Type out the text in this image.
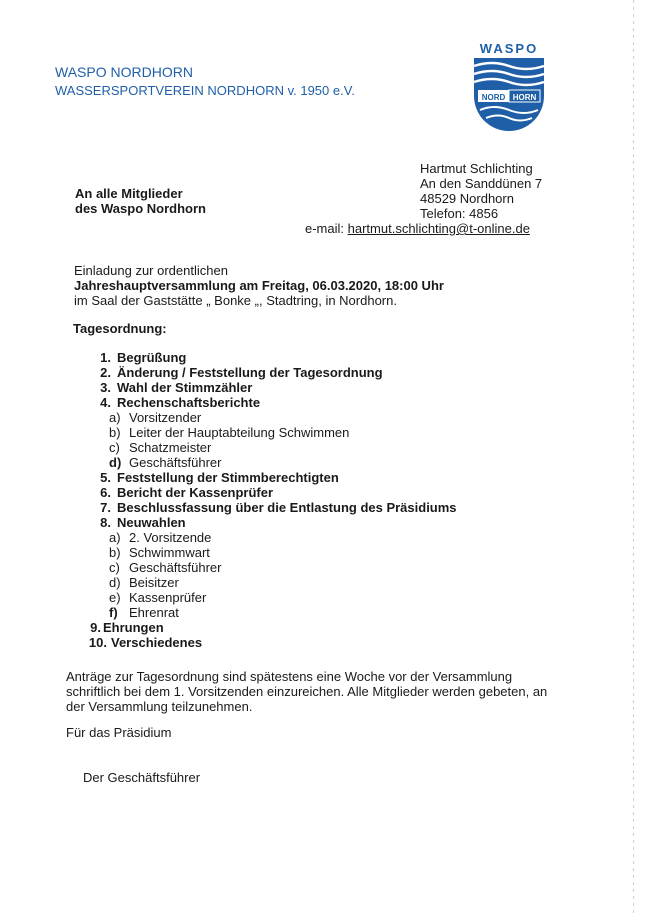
WASPO NORDHORN
WASSERSPORTVEREIN NORDHORN v. 1950 e.V.
WASPO
NORD HORN
Hartmut Schlichting
An den Sanddünen 7
48529 Nordhorn
Telefon: 4856
e-mail: hartmut.schlichting@t-online.de
An alle Mitglieder
des Waspo Nordhorn
Einladung zur ordentlichen
Jahreshauptversammlung am Freitag, 06.03.2020, 18:00 Uhr
im Saal der Gaststätte „ Bonke „, Stadtring, in Nordhorn.
Tagesordnung:
1. Begrüßung
2. Änderung / Feststellung der Tagesordnung
3. Wahl der Stimmzähler
4. Rechenschaftsberichte
a) Vorsitzender
b) Leiter der Hauptabteilung Schwimmen
c) Schatzmeister
d) Geschäftsführer
5. Feststellung der Stimmberechtigten
6. Bericht der Kassenprüfer
7. Beschlussfassung über die Entlastung des Präsidiums
8. Neuwahlen
a) 2. Vorsitzende
b) Schwimmwart
c) Geschäftsführer
d) Beisitzer
e) Kassenprüfer
f) Ehrenrat
9. Ehrungen
10. Verschiedenes
Anträge zur Tagesordnung sind spätestens eine Woche vor der Versammlung schriftlich bei dem 1. Vorsitzenden einzureichen. Alle Mitglieder werden gebeten, an der Versammlung teilzunehmen.
Für das Präsidium
Der Geschäftsführer
